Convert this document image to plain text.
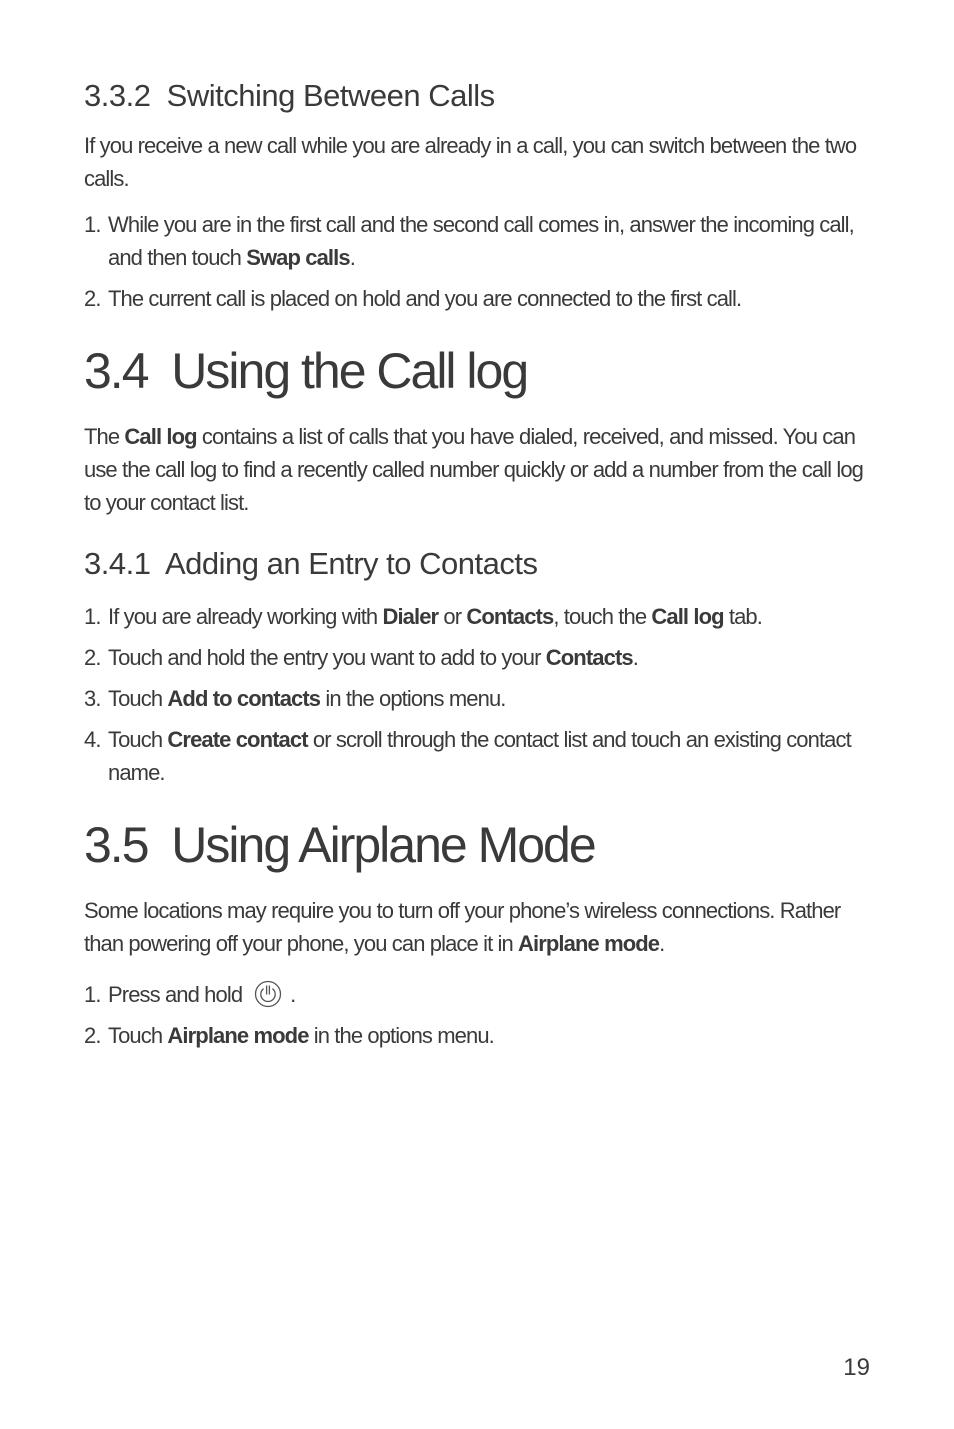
3.3.2  Switching Between Calls

If you receive a new call while you are already in a call, you can switch between the two calls.

1. While you are in the first call and the second call comes in, answer the incoming call, and then touch Swap calls.
2. The current call is placed on hold and you are connected to the first call.
3.4  Using the Call log

The Call log contains a list of calls that you have dialed, received, and missed. You can use the call log to find a recently called number quickly or add a number from the call log to your contact list.

3.4.1  Adding an Entry to Contacts
1. If you are already working with Dialer or Contacts, touch the Call log tab.
2. Touch and hold the entry you want to add to your Contacts.
3. Touch Add to contacts in the options menu.
4. Touch Create contact or scroll through the contact list and touch an existing contact name.
3.5  Using Airplane Mode

Some locations may require you to turn off your phone’s wireless connections. Rather than powering off your phone, you can place it in Airplane mode.

1. Press and hold .
2. Touch Airplane mode in the options menu.
19
